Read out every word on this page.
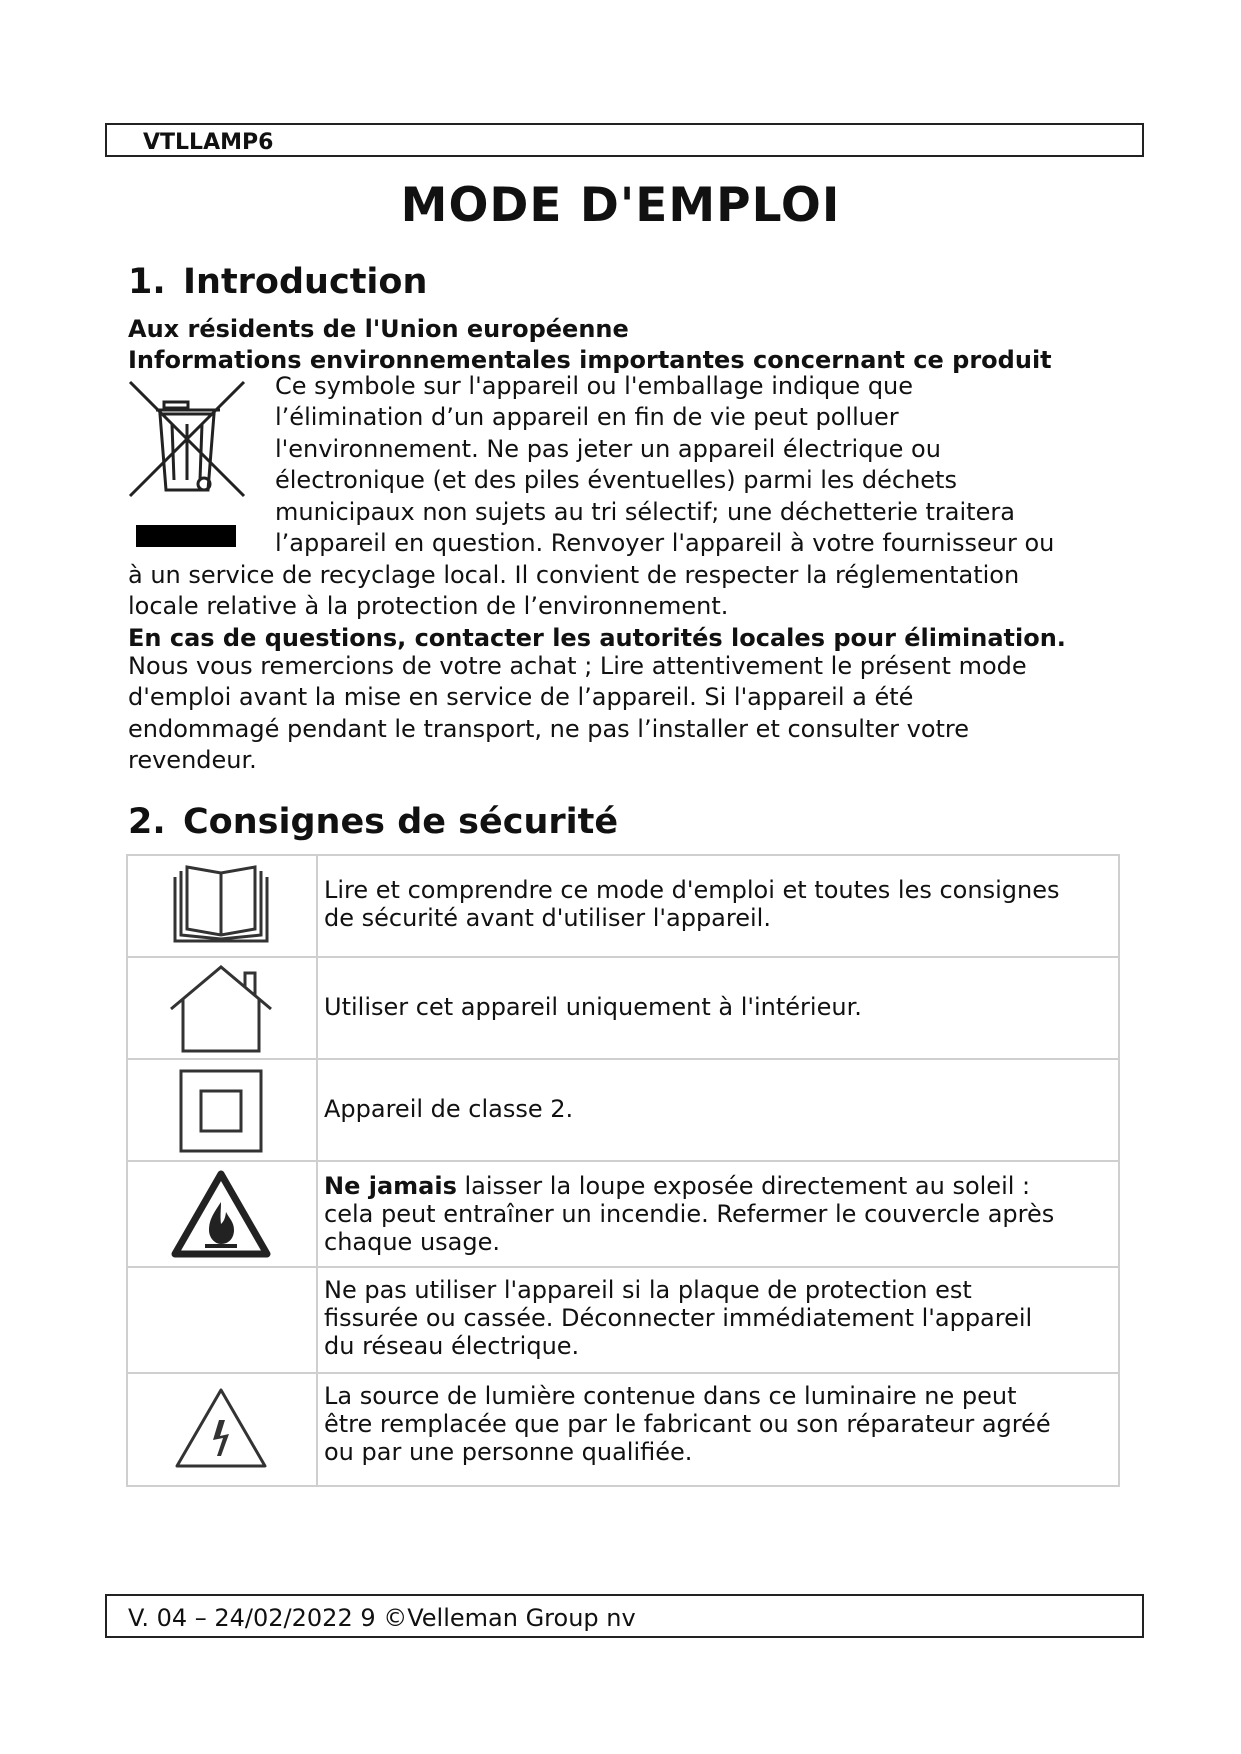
VTLLAMP6
MODE D'EMPLOI
1. Introduction
Aux résidents de l'Union européenne
Informations environnementales importantes concernant ce produit
Ce symbole sur l'appareil ou l'emballage indique que
l’élimination d’un appareil en fin de vie peut polluer
l'environnement. Ne pas jeter un appareil électrique ou
électronique (et des piles éventuelles) parmi les déchets
municipaux non sujets au tri sélectif; une déchetterie traitera
l’appareil en question. Renvoyer l'appareil à votre fournisseur ou
à un service de recyclage local. Il convient de respecter la réglementation
locale relative à la protection de l’environnement.
En cas de questions, contacter les autorités locales pour élimination.
Nous vous remercions de votre achat ; Lire attentivement le présent mode
d'emploi avant la mise en service de l’appareil. Si l'appareil a été
endommagé pendant le transport, ne pas l’installer et consulter votre
revendeur.
2. Consignes de sécurité
Lire et comprendre ce mode d'emploi et toutes les consignes
de sécurité avant d'utiliser l'appareil.
Utiliser cet appareil uniquement à l'intérieur.
Appareil de classe 2.
Ne jamais laisser la loupe exposée directement au soleil :
cela peut entraîner un incendie. Refermer le couvercle après
chaque usage.
Ne pas utiliser l'appareil si la plaque de protection est
fissurée ou cassée. Déconnecter immédiatement l'appareil
du réseau électrique.
La source de lumière contenue dans ce luminaire ne peut
être remplacée que par le fabricant ou son réparateur agréé
ou par une personne qualifiée.
V. 04 – 24/02/2022 9 ©Velleman Group nv
